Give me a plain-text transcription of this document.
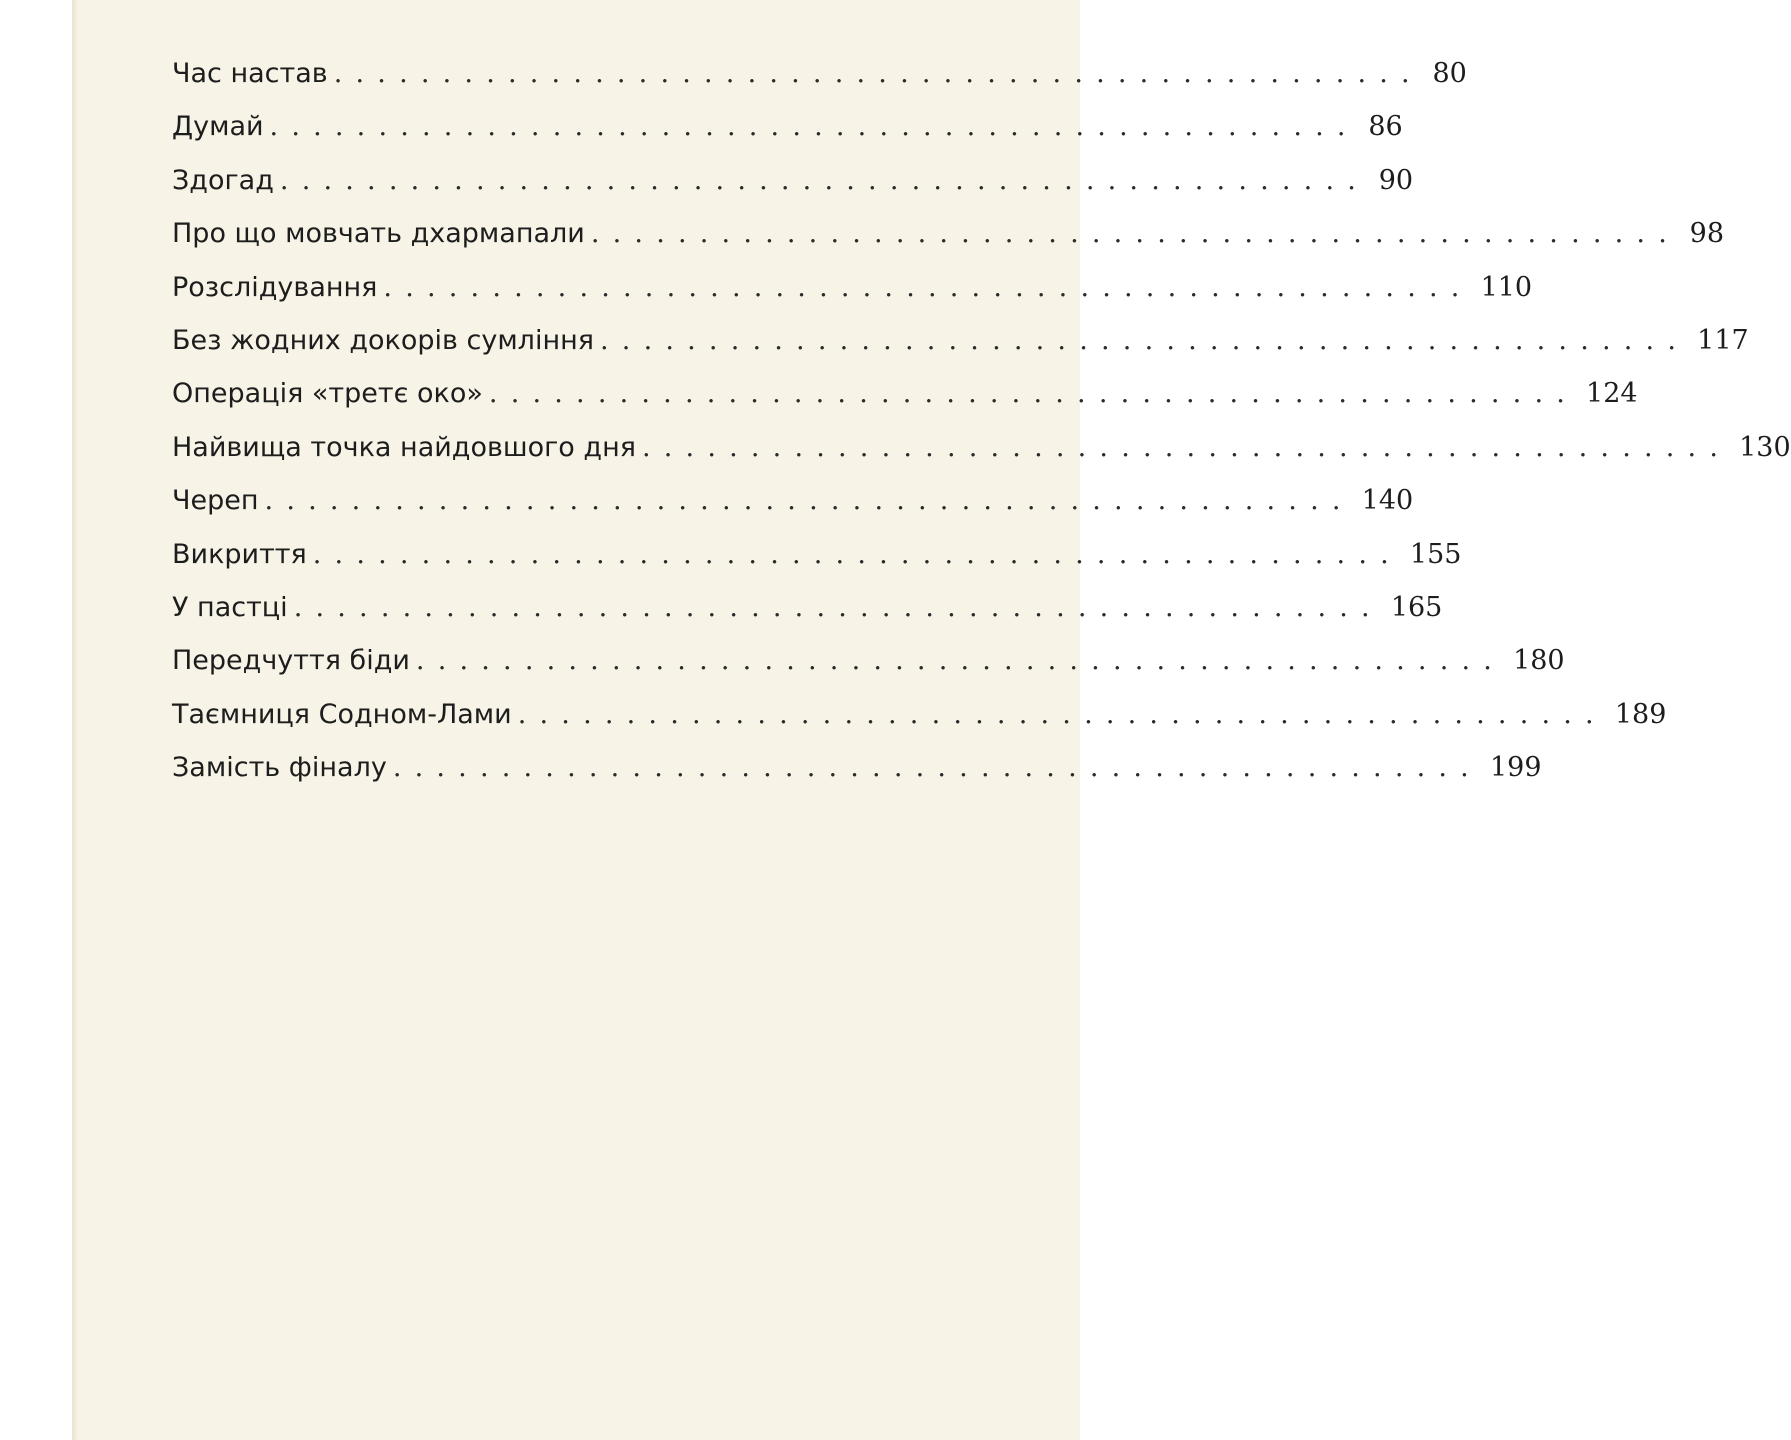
Час настав .................................................. 80
Думай .................................................. 86
Здогад .................................................. 90
Про що мовчать дхармапали .................................................. 98
Розслідування .................................................. 110
Без жодних докорів сумління .................................................. 117
Операція «третє око» .................................................. 124
Найвища точка найдовшого дня .................................................. 130
Череп .................................................. 140
Викриття .................................................. 155
У пастці .................................................. 165
Передчуття біди .................................................. 180
Таємниця Содном-Лами .................................................. 189
Замість фіналу .................................................. 199
